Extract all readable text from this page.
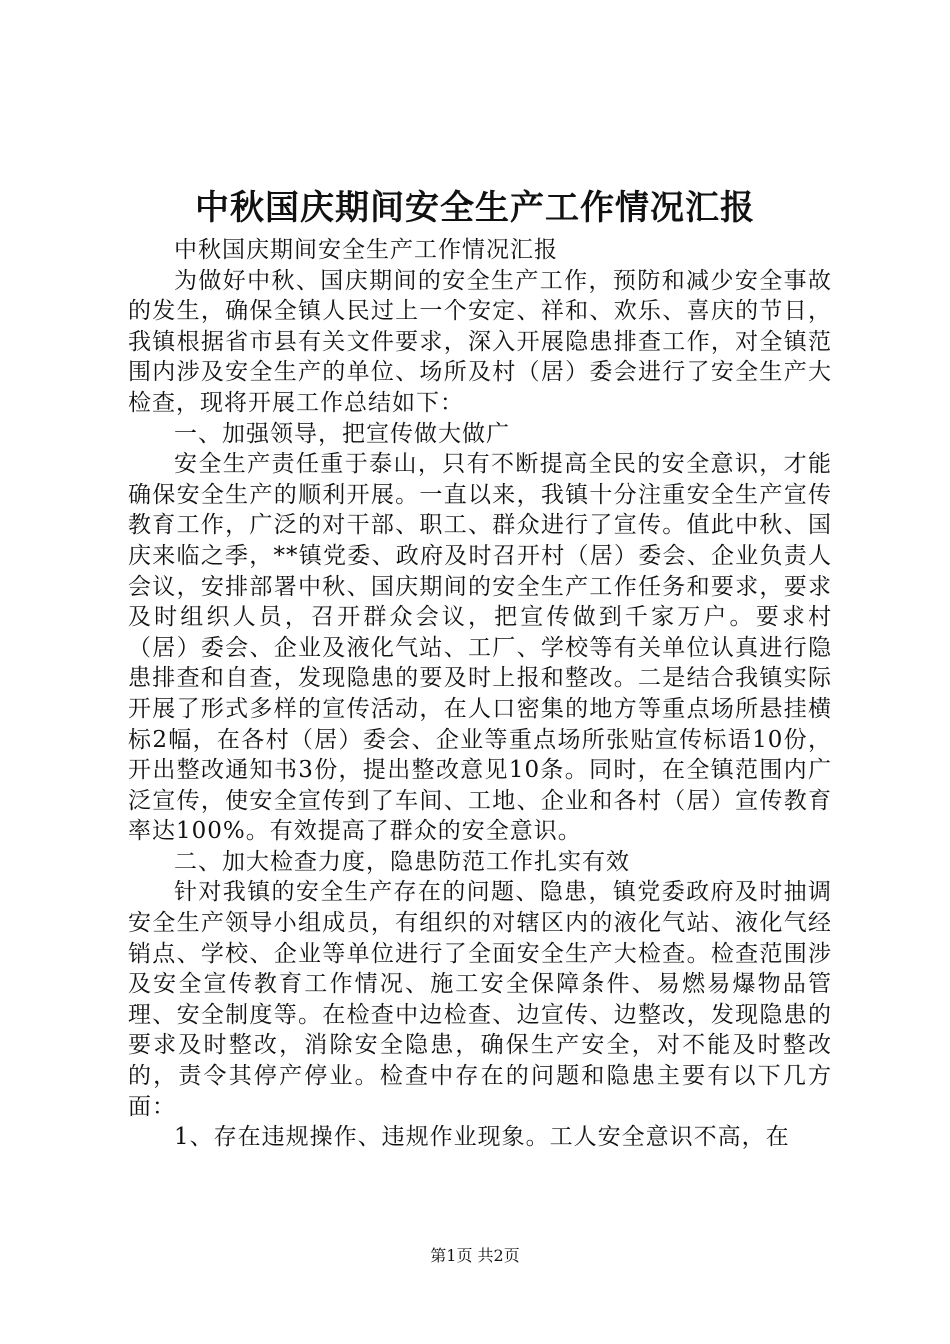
中秋国庆期间安全生产工作情况汇报

中秋国庆期间安全生产工作情况汇报

为做好中秋、国庆期间的安全生产工作，预防和减少安全事故的发生，确保全镇人民过上一个安定、祥和、欢乐、喜庆的节日，我镇根据省市县有关文件要求，深入开展隐患排查工作，对全镇范围内涉及安全生产的单位、场所及村（居）委会进行了安全生产大检查，现将开展工作总结如下：

一、加强领导，把宣传做大做广

安全生产责任重于泰山，只有不断提高全民的安全意识，才能确保安全生产的顺利开展。一直以来，我镇十分注重安全生产宣传教育工作，广泛的对干部、职工、群众进行了宣传。值此中秋、国庆来临之季，**镇党委、政府及时召开村（居）委会、企业负责人会议，安排部署中秋、国庆期间的安全生产工作任务和要求，要求及时组织人员，召开群众会议，把宣传做到千家万户。要求村（居）委会、企业及液化气站、工厂、学校等有关单位认真进行隐患排查和自查，发现隐患的要及时上报和整改。二是结合我镇实际开展了形式多样的宣传活动，在人口密集的地方等重点场所悬挂横标2幅，在各村（居）委会、企业等重点场所张贴宣传标语10份，开出整改通知书3份，提出整改意见10条。同时，在全镇范围内广泛宣传，使安全宣传到了车间、工地、企业和各村（居）宣传教育率达100%。有效提高了群众的安全意识。

二、加大检查力度，隐患防范工作扎实有效

针对我镇的安全生产存在的问题、隐患，镇党委政府及时抽调安全生产领导小组成员，有组织的对辖区内的液化气站、液化气经销点、学校、企业等单位进行了全面安全生产大检查。检查范围涉及安全宣传教育工作情况、施工安全保障条件、易燃易爆物品管理、安全制度等。在检查中边检查、边宣传、边整改，发现隐患的要求及时整改，消除安全隐患，确保生产安全，对不能及时整改的，责令其停产停业。检查中存在的问题和隐患主要有以下几方面：

1、存在违规操作、违规作业现象。工人安全意识不高，在

第1页 共2页
